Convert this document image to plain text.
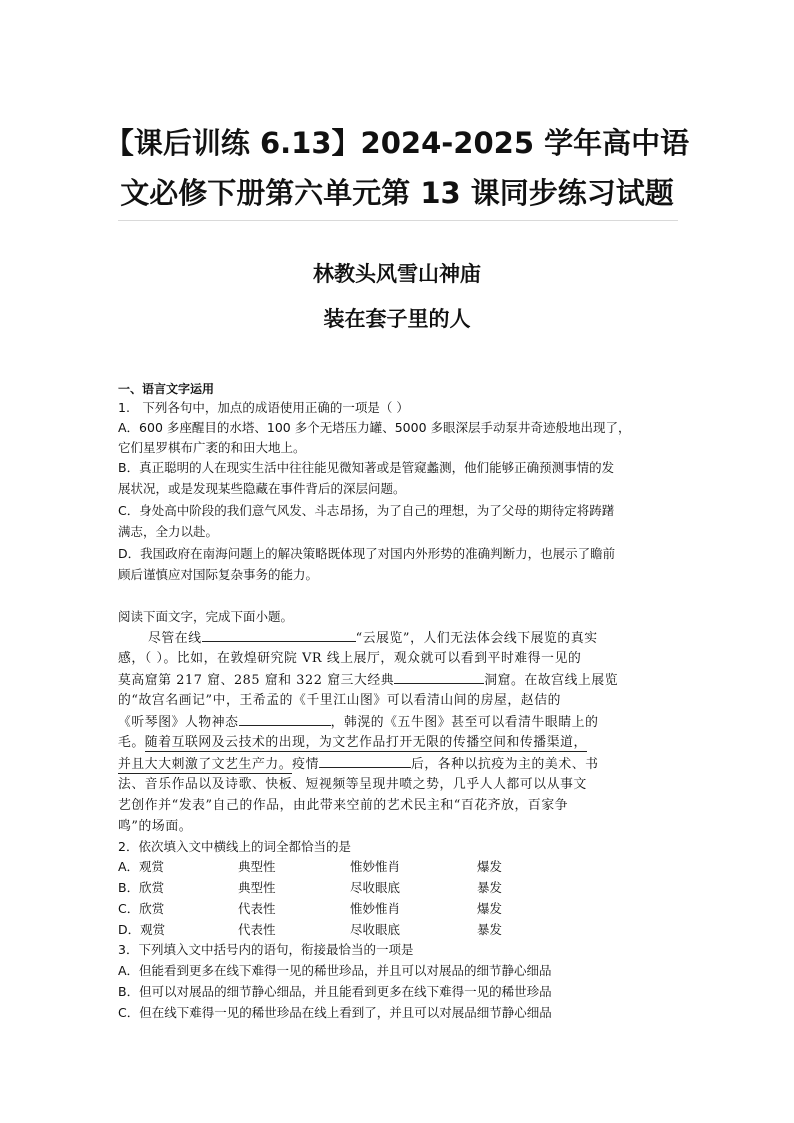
【课后训练 6.13】2024-2025 学年高中语
文必修下册第六单元第 13 课同步练习试题
林教头风雪山神庙
装在套子里的人
一、语言文字运用
1.　下列各句中，加点的成语使用正确的一项是（ ）
A．600 多座醒目的水塔、100 多个无塔压力罐、5000 多眼深层手动泵井奇迹般地出现了，
它们星罗棋布广袤的和田大地上。
B．真正聪明的人在现实生活中往往能见微知著或是管窥蠡测，他们能够正确预测事情的发
展状况，或是发现某些隐藏在事件背后的深层问题。
C．身处高中阶段的我们意气风发、斗志昂扬，为了自己的理想，为了父母的期待定将踌躇
满志，全力以赴。
D．我国政府在南海问题上的解决策略既体现了对国内外形势的准确判断力，也展示了瞻前
顾后谨慎应对国际复杂事务的能力。
阅读下面文字，完成下面小题。
尽管在线	“云展览”，人们无法体会线下展览的真实
感，（ ）。比如，在敦煌研究院 VR 线上展厅，观众就可以看到平时难得一见的
莫高窟第 217 窟、285 窟和 322 窟三大经典	洞窟。在故宫线上展览
的“故宫名画记”中，王希孟的《千里江山图》可以看清山间的房屋，赵佶的
《听琴图》人物神态	，韩滉的《五牛图》甚至可以看清牛眼睛上的
毛。随着互联网及云技术的出现，为文艺作品打开无限的传播空间和传播渠道，
并且大大刺激了文艺生产力。疫情	后，各种以抗疫为主的美术、书
法、音乐作品以及诗歌、快板、短视频等呈现井喷之势，几乎人人都可以从事文
艺创作并“发表”自己的作品，由此带来空前的艺术民主和“百花齐放，百家争
鸣”的场面。
2．依次填入文中横线上的词全都恰当的是
A．观赏	典型性	惟妙惟肖	爆发
B．欣赏	典型性	尽收眼底	暴发
C．欣赏	代表性	惟妙惟肖	爆发
D．观赏	代表性	尽收眼底	暴发
3．下列填入文中括号内的语句，衔接最恰当的一项是
A．但能看到更多在线下难得一见的稀世珍品，并且可以对展品的细节静心细品
B．但可以对展品的细节静心细品，并且能看到更多在线下难得一见的稀世珍品
C．但在线下难得一见的稀世珍品在线上看到了，并且可以对展品细节静心细品
